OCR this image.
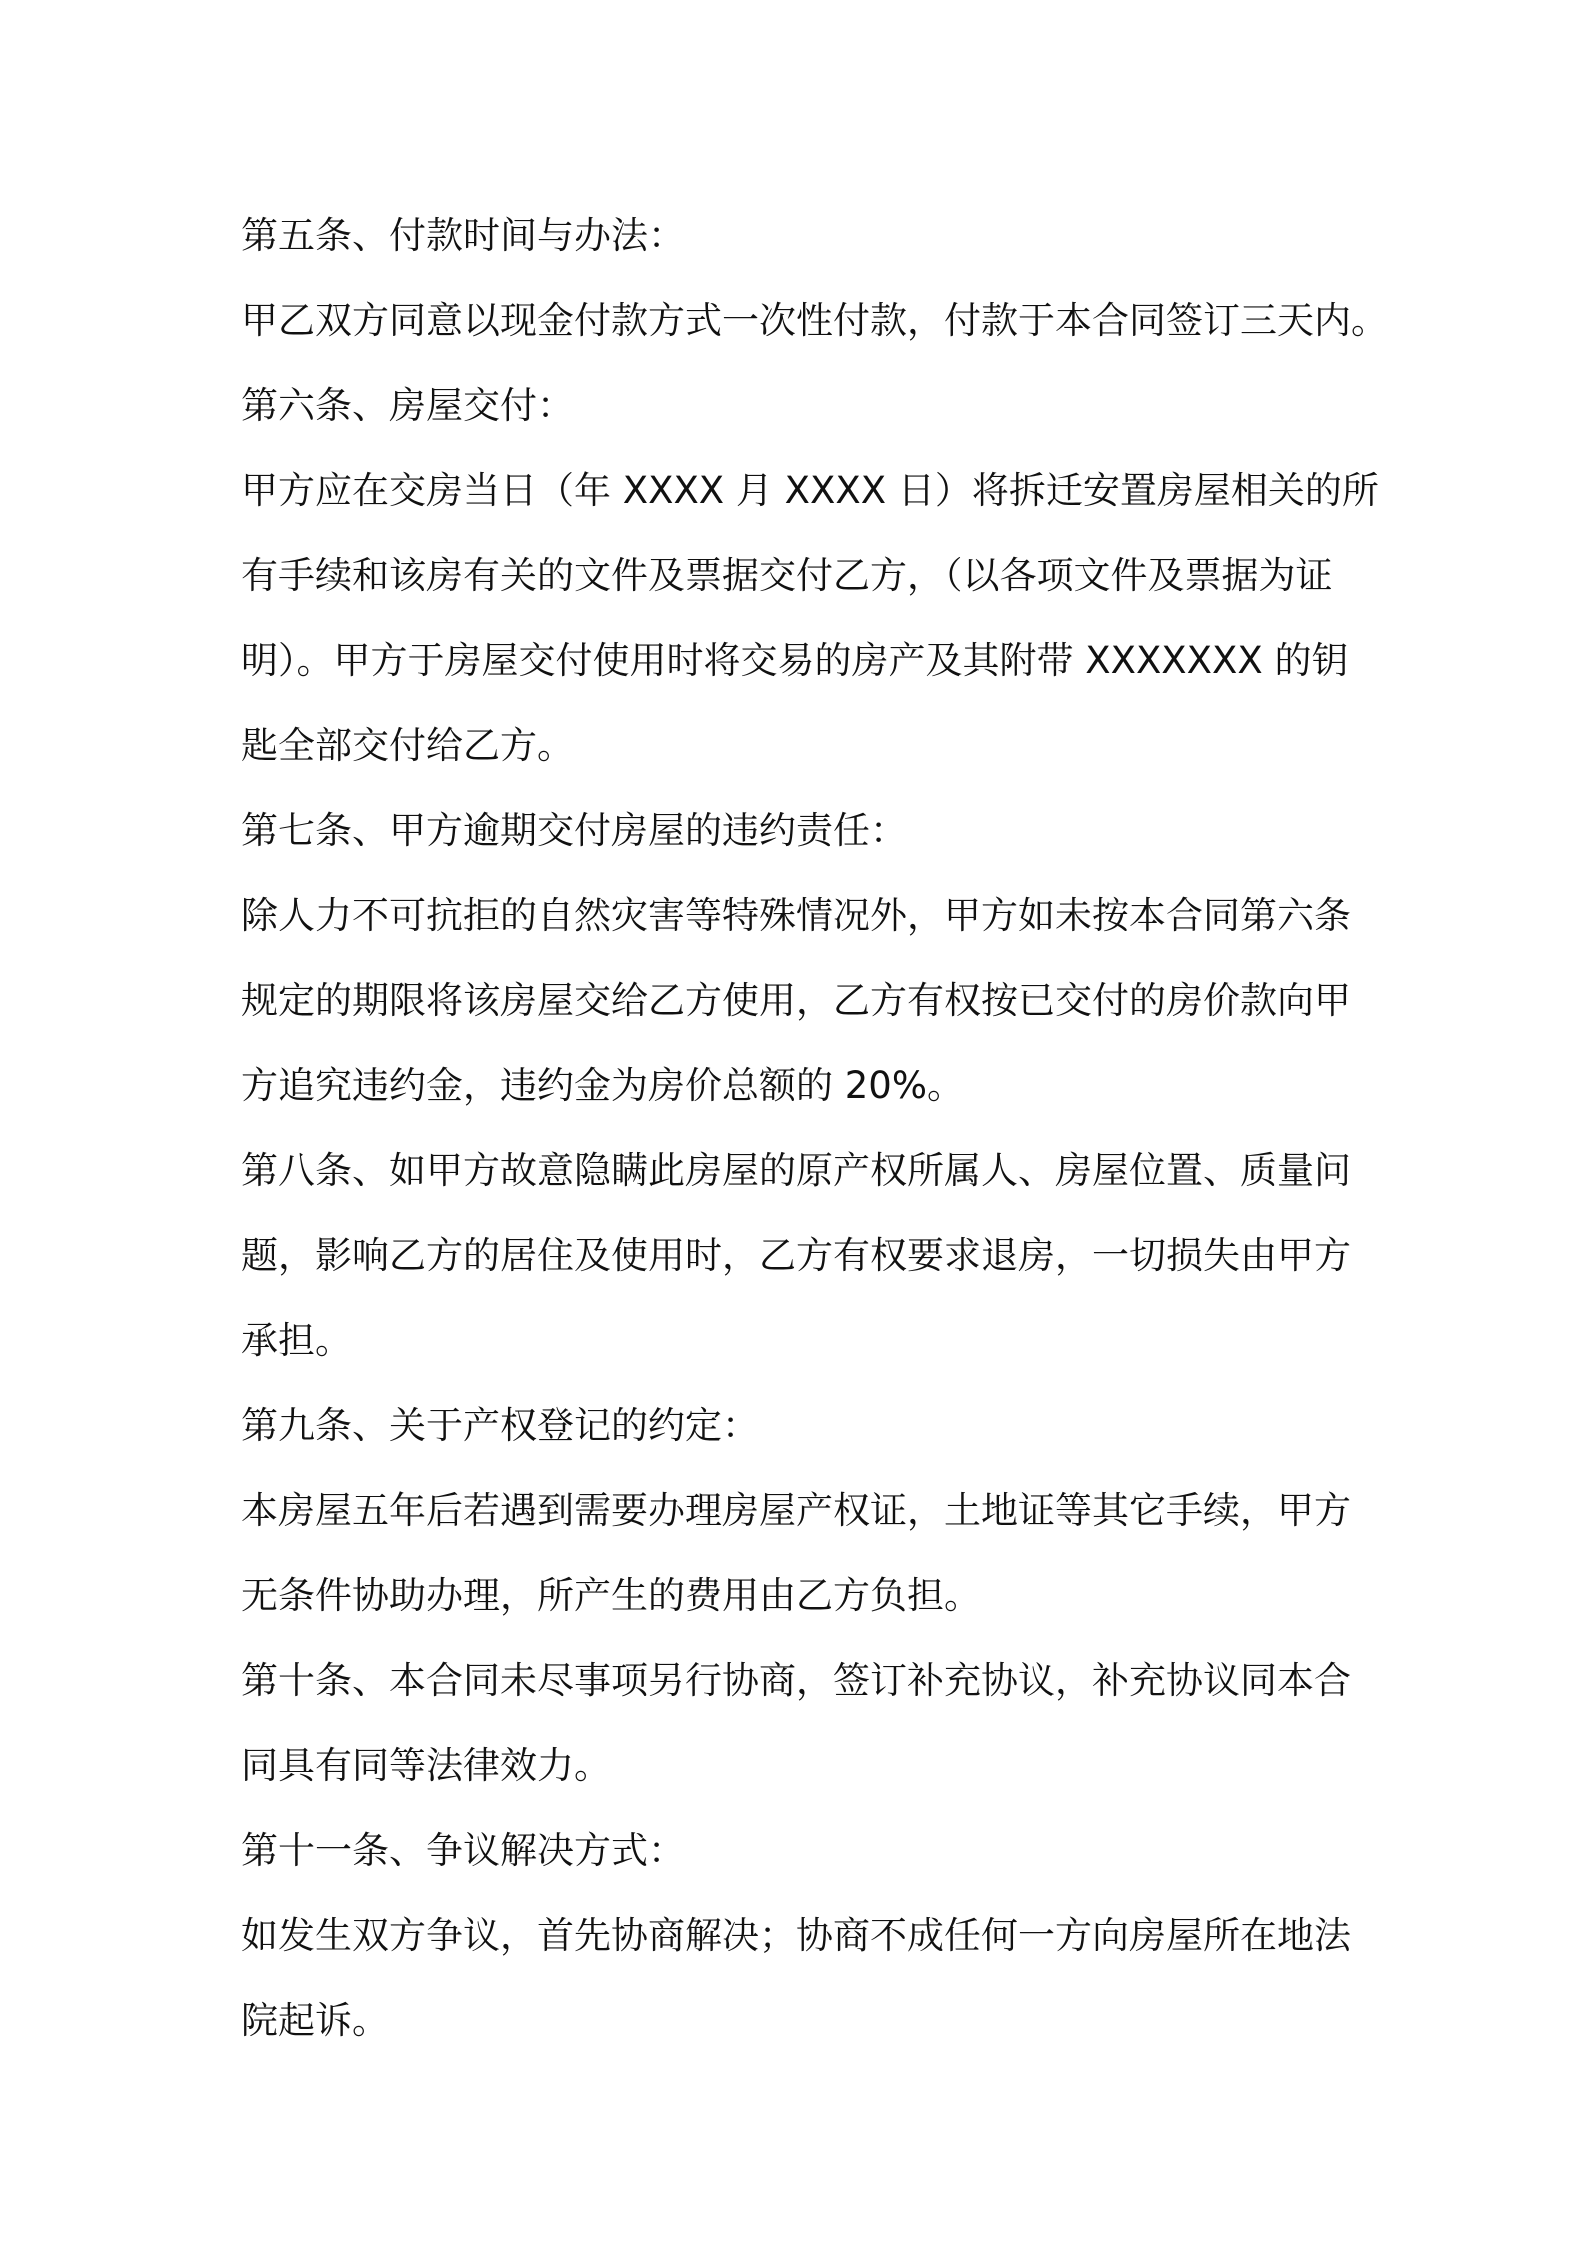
第五条、付款时间与办法：

甲乙双方同意以现金付款方式一次性付款，付款于本合同签订三天内。

第六条、房屋交付：

甲方应在交房当日（年 XXXX 月 XXXX 日）将拆迁安置房屋相关的所

有手续和该房有关的文件及票据交付乙方，（以各项文件及票据为证

明）。甲方于房屋交付使用时将交易的房产及其附带 XXXXXXX 的钥

匙全部交付给乙方。

第七条、甲方逾期交付房屋的违约责任：

除人力不可抗拒的自然灾害等特殊情况外，甲方如未按本合同第六条

规定的期限将该房屋交给乙方使用，乙方有权按已交付的房价款向甲

方追究违约金，违约金为房价总额的 20%。

第八条、如甲方故意隐瞒此房屋的原产权所属人、房屋位置、质量问

题，影响乙方的居住及使用时，乙方有权要求退房，一切损失由甲方

承担。

第九条、关于产权登记的约定：

本房屋五年后若遇到需要办理房屋产权证，土地证等其它手续，甲方

无条件协助办理，所产生的费用由乙方负担。

第十条、本合同未尽事项另行协商，签订补充协议，补充协议同本合

同具有同等法律效力。

第十一条、争议解决方式：

如发生双方争议，首先协商解决；协商不成任何一方向房屋所在地法

院起诉。
